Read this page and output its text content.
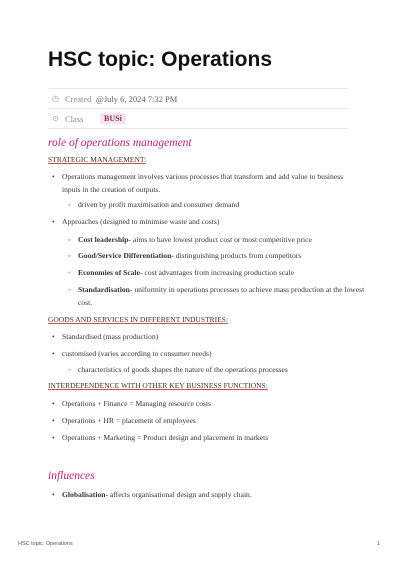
HSC topic: Operations
◷ Created @July 6, 2024 7:32 PM
⊙ Class	BUSi
role of operations management
STRATEGIC MANAGEMENT:
• Operations management involves various processes that transform and add value to business inputs in the creation of outputs.
◦ driven by profit maximisation and consumer demand
• Approaches (designed to minimise waste and costs)
◦ Cost leadership- aims to have lowest product cost or most competitive price
◦ Good/Service Differentiation- distinguishing products from competitors
◦ Economies of Scale- cost advantages from increasing production scale
◦ Standardisation- uniformity in operations processes to achieve mass production at the lowest cost.
GOODS AND SERVICES IN DIFFERENT INDUSTRIES:
• Standardised (mass production)
• customised (varies according to consumer needs)
◦ characteristics of goods shapes the nature of the operations processes
INTERDEPENDENCE WITH OTHER KEY BUSINESS FUNCTIONS:
• Operations + Finance = Managing resource costs
• Operations + HR = placement of employees
• Operations + Marketing = Product design and placement in markets
influences
• Globalisation- affects organisational design and supply chain.
HSC topic: Operations	1
